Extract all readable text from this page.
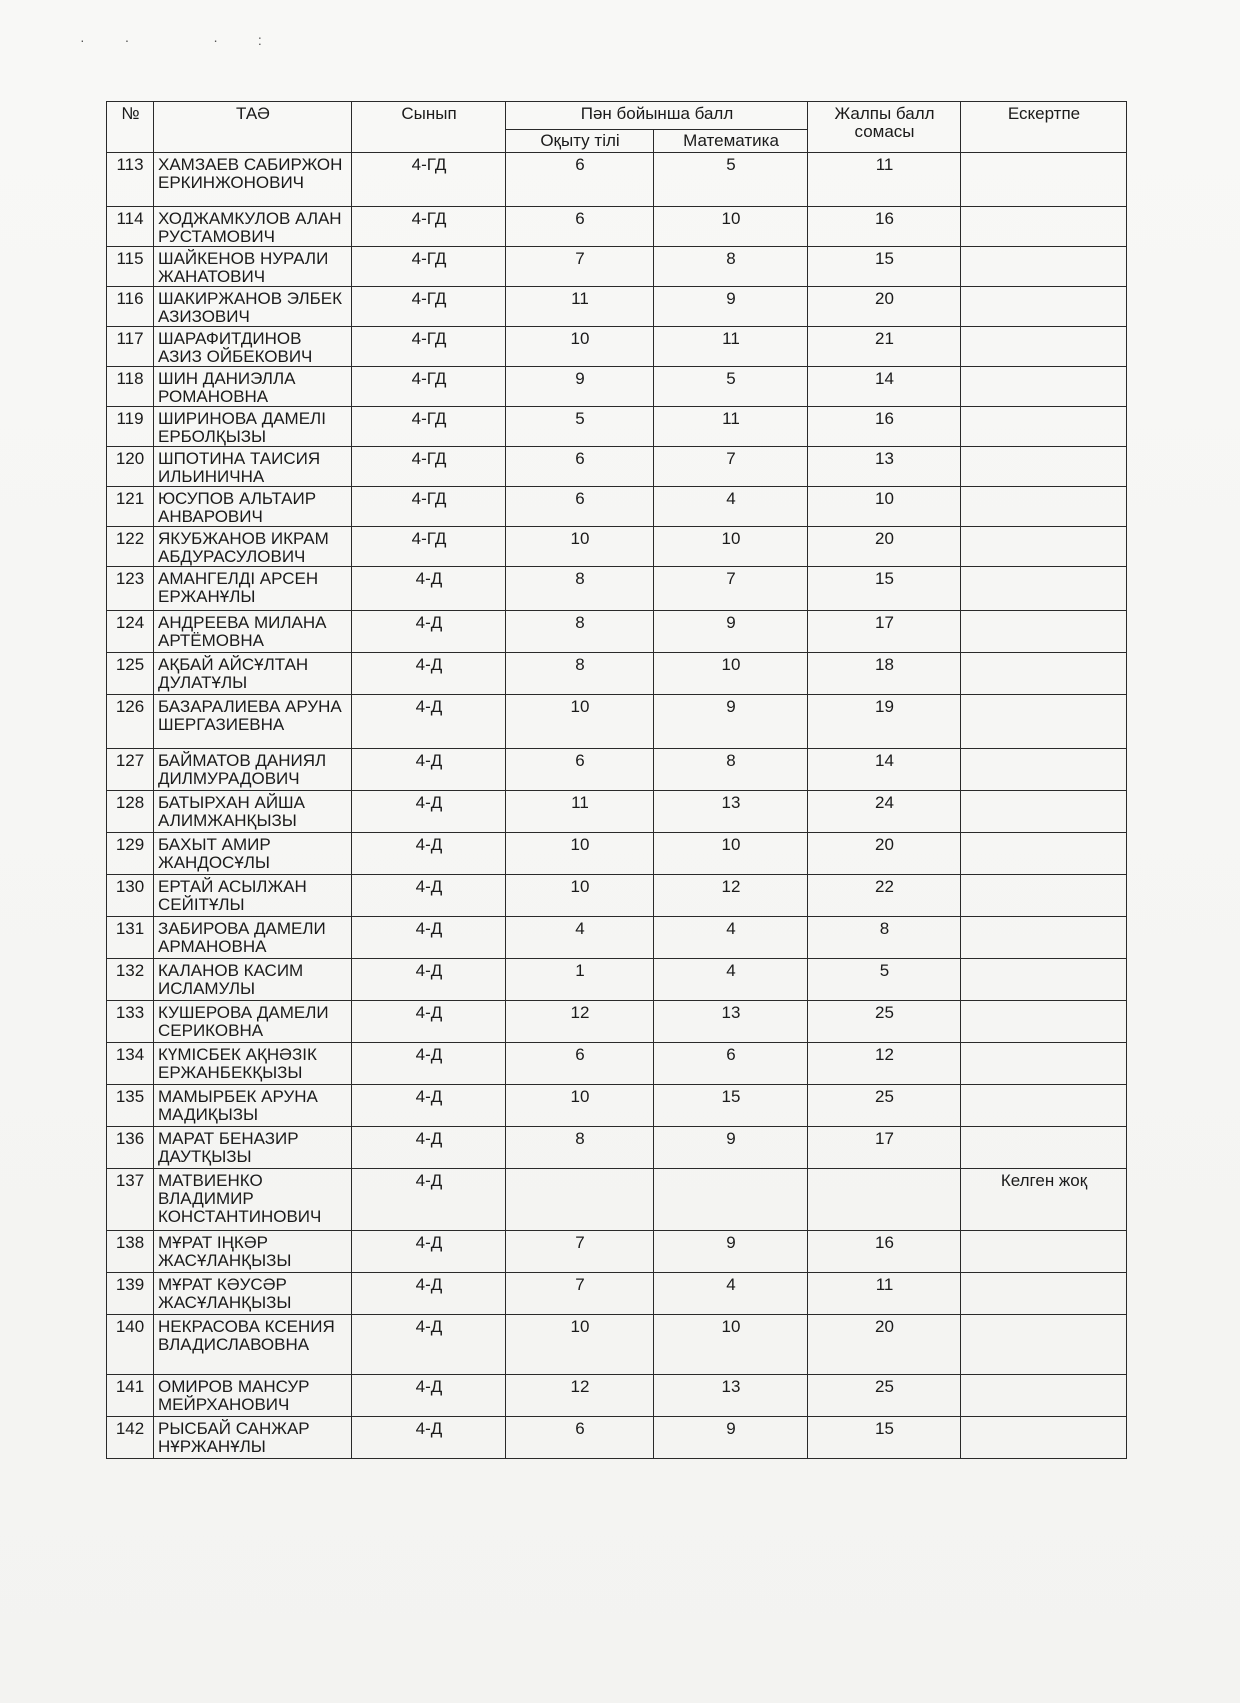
·· ·:
№	ТАӘ	Сынып	Пән бойынша балл		Жалпы балл сомасы	Ескертпе
			Оқыту тілі	Математика		
113	ХАМЗАЕВ САБИРЖОН ЕРКИНЖОНОВИЧ	4-ГД	6	5	11	
114	ХОДЖАМКУЛОВ АЛАН РУСТАМОВИЧ	4-ГД	6	10	16	
115	ШАЙКЕНОВ НУРАЛИ ЖАНАТОВИЧ	4-ГД	7	8	15	
116	ШАКИРЖАНОВ ЭЛБЕК АЗИЗОВИЧ	4-ГД	11	9	20	
117	ШАРАФИТДИНОВ АЗИЗ ОЙБЕКОВИЧ	4-ГД	10	11	21	
118	ШИН ДАНИЭЛЛА РОМАНОВНА	4-ГД	9	5	14	
119	ШИРИНОВА ДАМЕЛІ ЕРБОЛҚЫЗЫ	4-ГД	5	11	16	
120	ШПОТИНА ТАИСИЯ ИЛЬИНИЧНА	4-ГД	6	7	13	
121	ЮСУПОВ АЛЬТАИР АНВАРОВИЧ	4-ГД	6	4	10	
122	ЯКУБЖАНОВ ИКРАМ АБДУРАСУЛОВИЧ	4-ГД	10	10	20	
123	АМАНГЕЛДІ АРСЕН ЕРЖАНҰЛЫ	4-Д	8	7	15	
124	АНДРЕЕВА МИЛАНА АРТЁМОВНА	4-Д	8	9	17	
125	АҚБАЙ АЙСҰЛТАН ДУЛАТҰЛЫ	4-Д	8	10	18	
126	БАЗАРАЛИЕВА АРУНА ШЕРГАЗИЕВНА	4-Д	10	9	19	
127	БАЙМАТОВ ДАНИЯЛ ДИЛМУРАДОВИЧ	4-Д	6	8	14	
128	БАТЫРХАН АЙША АЛИМЖАНҚЫЗЫ	4-Д	11	13	24	
129	БАХЫТ АМИР ЖАНДОСҰЛЫ	4-Д	10	10	20	
130	ЕРТАЙ АСЫЛЖАН СЕЙІТҰЛЫ	4-Д	10	12	22	
131	ЗАБИРОВА ДАМЕЛИ АРМАНОВНА	4-Д	4	4	8	
132	КАЛАНОВ КАСИМ ИСЛАМУЛЫ	4-Д	1	4	5	
133	КУШЕРОВА ДАМЕЛИ СЕРИКОВНА	4-Д	12	13	25	
134	КҮМІСБЕК АҚНӘЗІК ЕРЖАНБЕКҚЫЗЫ	4-Д	6	6	12	
135	МАМЫРБЕК АРУНА МАДИҚЫЗЫ	4-Д	10	15	25	
136	МАРАТ БЕНАЗИР ДАУТҚЫЗЫ	4-Д	8	9	17	
137	МАТВИЕНКО ВЛАДИМИР КОНСТАНТИНОВИЧ	4-Д				Келген жоқ
138	МҰРАТ ІҢКӘР ЖАСҰЛАНҚЫЗЫ	4-Д	7	9	16	
139	МҰРАТ КӘУСӘР ЖАСҰЛАНҚЫЗЫ	4-Д	7	4	11	
140	НЕКРАСОВА КСЕНИЯ ВЛАДИСЛАВОВНА	4-Д	10	10	20	
141	ОМИРОВ МАНСУР МЕЙРХАНОВИЧ	4-Д	12	13	25	
142	РЫСБАЙ САНЖАР НҰРЖАНҰЛЫ	4-Д	6	9	15	
